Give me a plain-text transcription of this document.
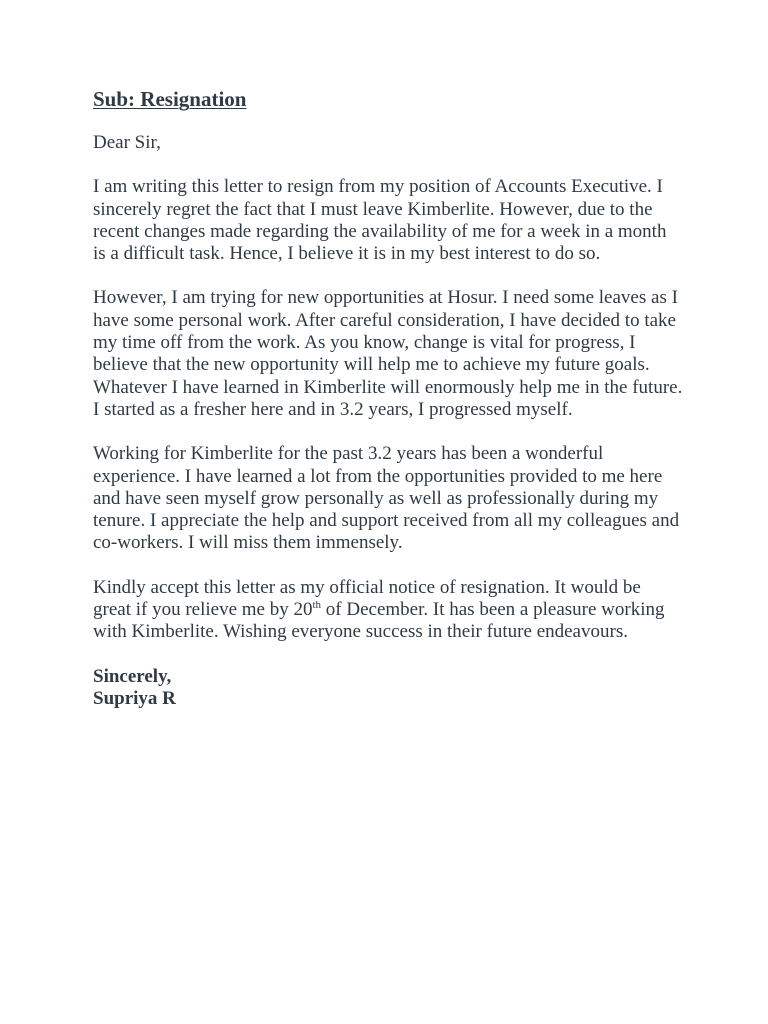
Sub: Resignation
Dear Sir,
I am writing this letter to resign from my position of Accounts Executive. I sincerely regret the fact that I must leave Kimberlite. However, due to the recent changes made regarding the availability of me for a week in a month is a difficult task. Hence, I believe it is in my best interest to do so.
However, I am trying for new opportunities at Hosur. I need some leaves as I have some personal work. After careful consideration, I have decided to take my time off from the work. As you know, change is vital for progress, I believe that the new opportunity will help me to achieve my future goals. Whatever I have learned in Kimberlite will enormously help me in the future. I started as a fresher here and in 3.2 years, I progressed myself.
Working for Kimberlite for the past 3.2 years has been a wonderful experience. I have learned a lot from the opportunities provided to me here and have seen myself grow personally as well as professionally during my tenure. I appreciate the help and support received from all my colleagues and co-workers. I will miss them immensely.
Kindly accept this letter as my official notice of resignation. It would be great if you relieve me by 20th of December. It has been a pleasure working with Kimberlite. Wishing everyone success in their future endeavours.
Sincerely,
Supriya R
